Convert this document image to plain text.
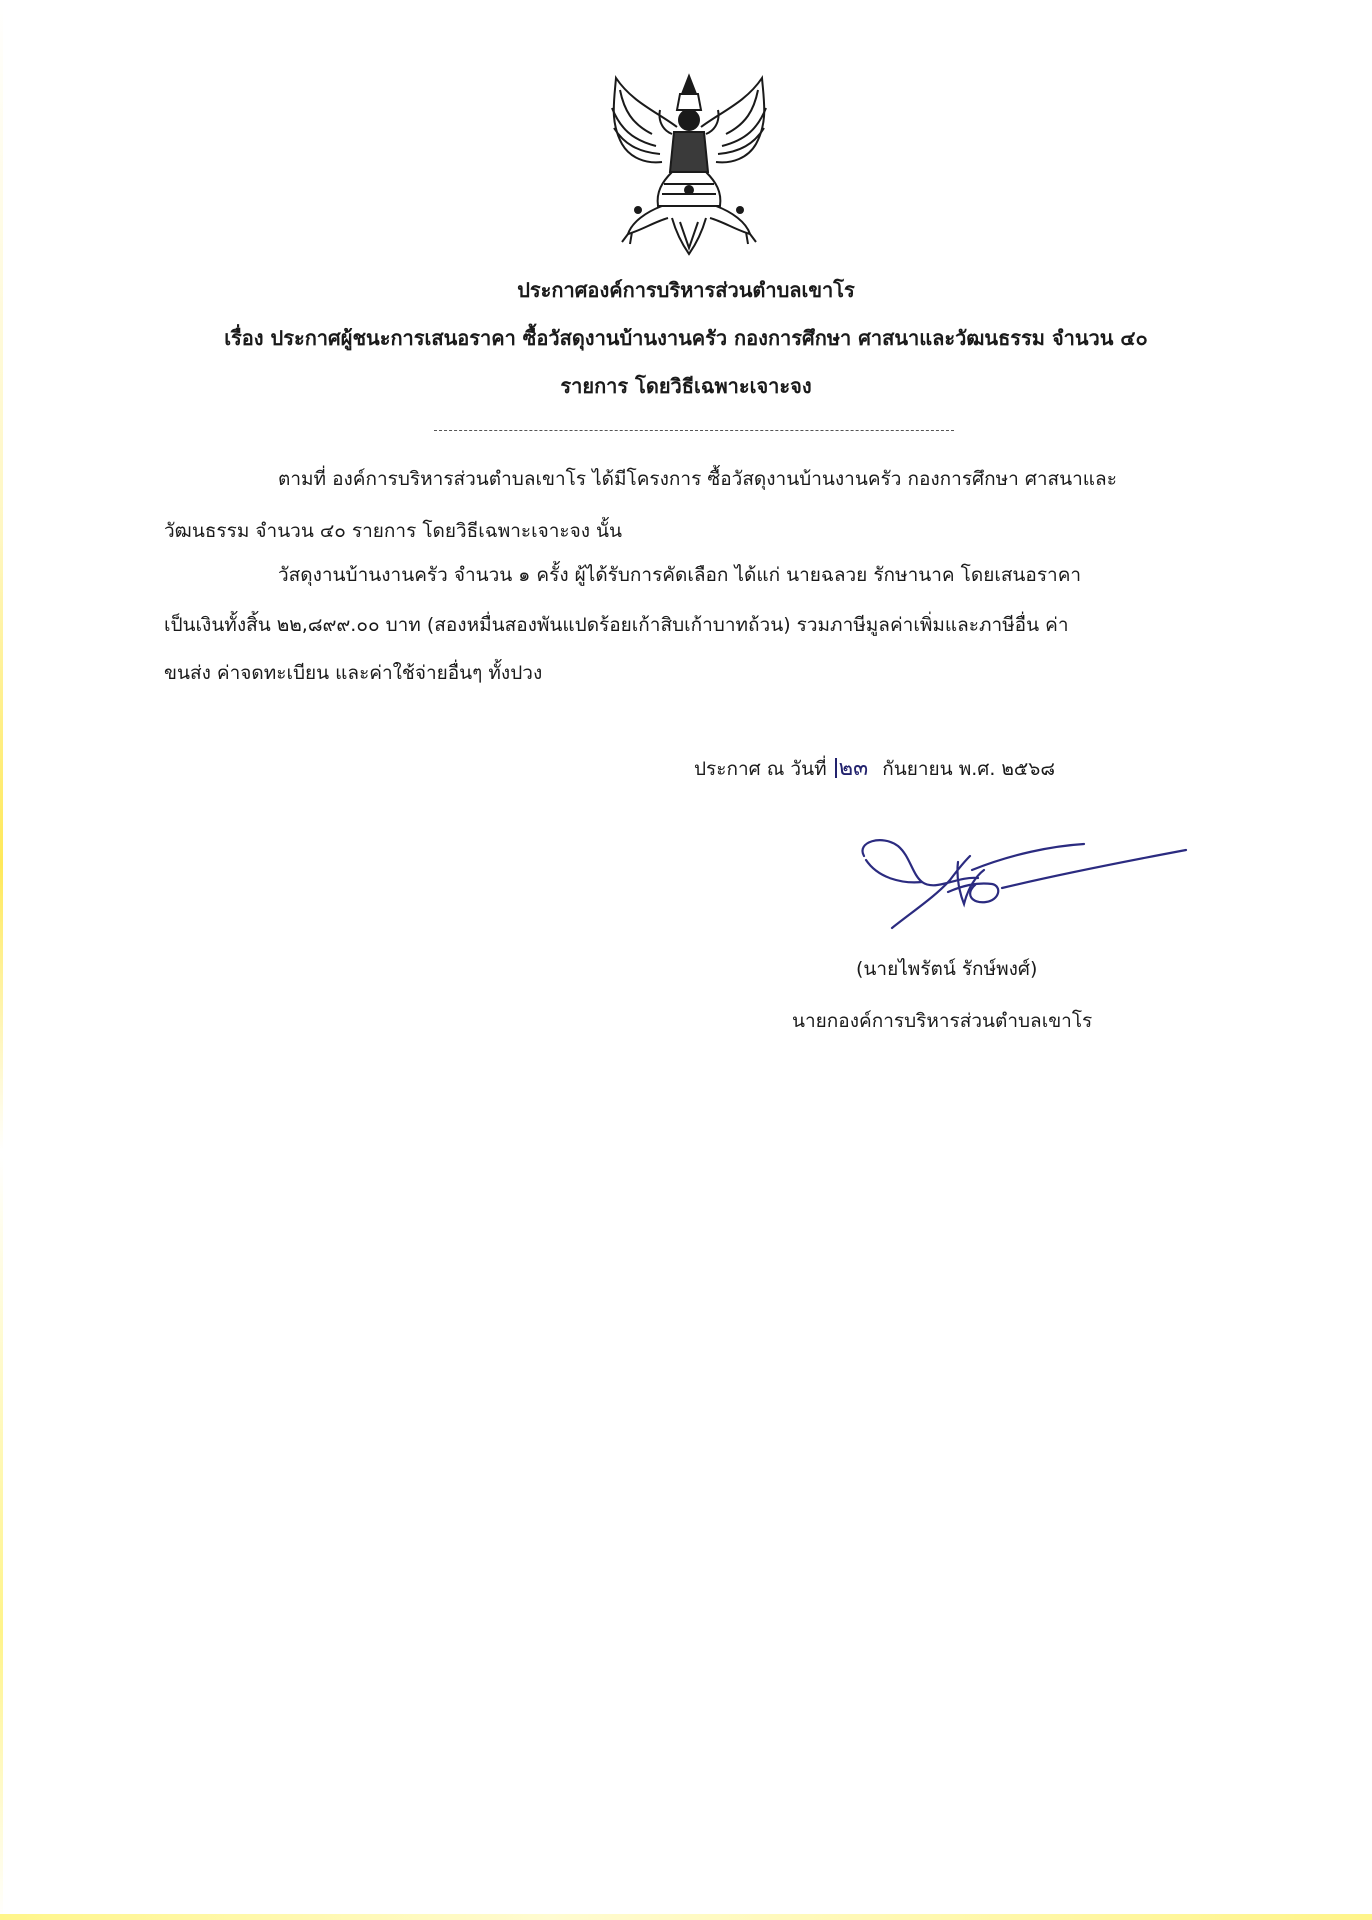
ประกาศองค์การบริหารส่วนตำบลเขาโร
เรื่อง ประกาศผู้ชนะการเสนอราคา ซื้อวัสดุงานบ้านงานครัว กองการศึกษา ศาสนาและวัฒนธรรม จำนวน ๔๐
รายการ โดยวิธีเฉพาะเจาะจง
ตามที่ องค์การบริหารส่วนตำบลเขาโร ได้มีโครงการ ซื้อวัสดุงานบ้านงานครัว กองการศึกษา ศาสนาและ
วัฒนธรรม จำนวน ๔๐ รายการ โดยวิธีเฉพาะเจาะจง นั้น
วัสดุงานบ้านงานครัว จำนวน ๑ ครั้ง ผู้ได้รับการคัดเลือก ได้แก่ นายฉลวย รักษานาค โดยเสนอราคา
เป็นเงินทั้งสิ้น ๒๒,๘๙๙.๐๐ บาท (สองหมื่นสองพันแปดร้อยเก้าสิบเก้าบาทถ้วน) รวมภาษีมูลค่าเพิ่มและภาษีอื่น ค่า
ขนส่ง ค่าจดทะเบียน และค่าใช้จ่ายอื่นๆ ทั้งปวง
ประกาศ ณ วันที่ ๒๓ กันยายน พ.ศ. ๒๕๖๘
(นายไพรัตน์ รักษ์พงศ์)
นายกองค์การบริหารส่วนตำบลเขาโร
